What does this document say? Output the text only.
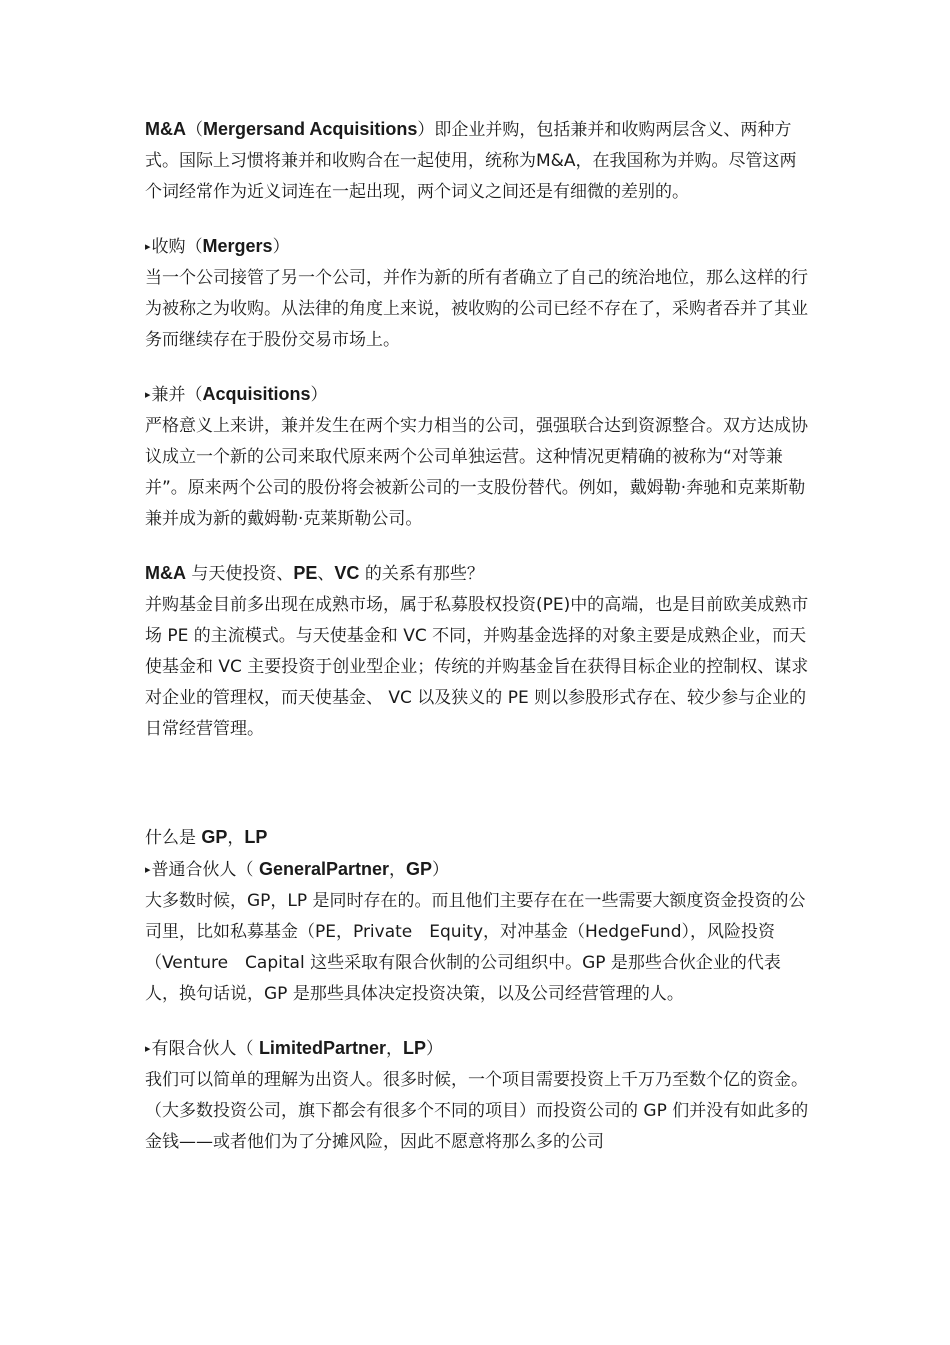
M&A（Mergersand Acquisitions）即企业并购，包括兼并和收购两层含义、两种方式。国际上习惯将兼并和收购合在一起使用，统称为M&A，在我国称为并购。尽管这两个词经常作为近义词连在一起出现，两个词义之间还是有细微的差别的。

▸收购（Mergers）

当一个公司接管了另一个公司，并作为新的所有者确立了自己的统治地位，那么这样的行为被称之为收购。从法律的角度上来说，被收购的公司已经不存在了，采购者吞并了其业务而继续存在于股份交易市场上。

▸兼并（Acquisitions）

严格意义上来讲，兼并发生在两个实力相当的公司，强强联合达到资源整合。双方达成协议成立一个新的公司来取代原来两个公司单独运营。这种情况更精确的被称为“对等兼并”。原来两个公司的股份将会被新公司的一支股份替代。例如，戴姆勒·奔驰和克莱斯勒兼并成为新的戴姆勒·克莱斯勒公司。

M&A 与天使投资、PE、VC 的关系有那些？

并购基金目前多出现在成熟市场，属于私募股权投资(PE)中的高端，也是目前欧美成熟市场 PE 的主流模式。与天使基金和 VC 不同，并购基金选择的对象主要是成熟企业，而天使基金和 VC 主要投资于创业型企业；传统的并购基金旨在获得目标企业的控制权、谋求对企业的管理权，而天使基金、 VC 以及狭义的 PE 则以参股形式存在、较少参与企业的日常经营管理。

什么是 GP，LP

▸普通合伙人（ GeneralPartner，GP）

大多数时候，GP，LP 是同时存在的。而且他们主要存在在一些需要大额度资金投资的公司里，比如私募基金（PE，Private　Equity，对冲基金（HedgeFund），风险投资（Venture　Capital 这些采取有限合伙制的公司组织中。GP 是那些合伙企业的代表人，换句话说，GP 是那些具体决定投资决策，以及公司经营管理的人。

▸有限合伙人（ LimitedPartner，LP）

我们可以简单的理解为出资人。很多时候，一个项目需要投资上千万乃至数个亿的资金。（大多数投资公司，旗下都会有很多个不同的项目）而投资公司的 GP 们并没有如此多的金钱——或者他们为了分摊风险，因此不愿意将那么多的公司
